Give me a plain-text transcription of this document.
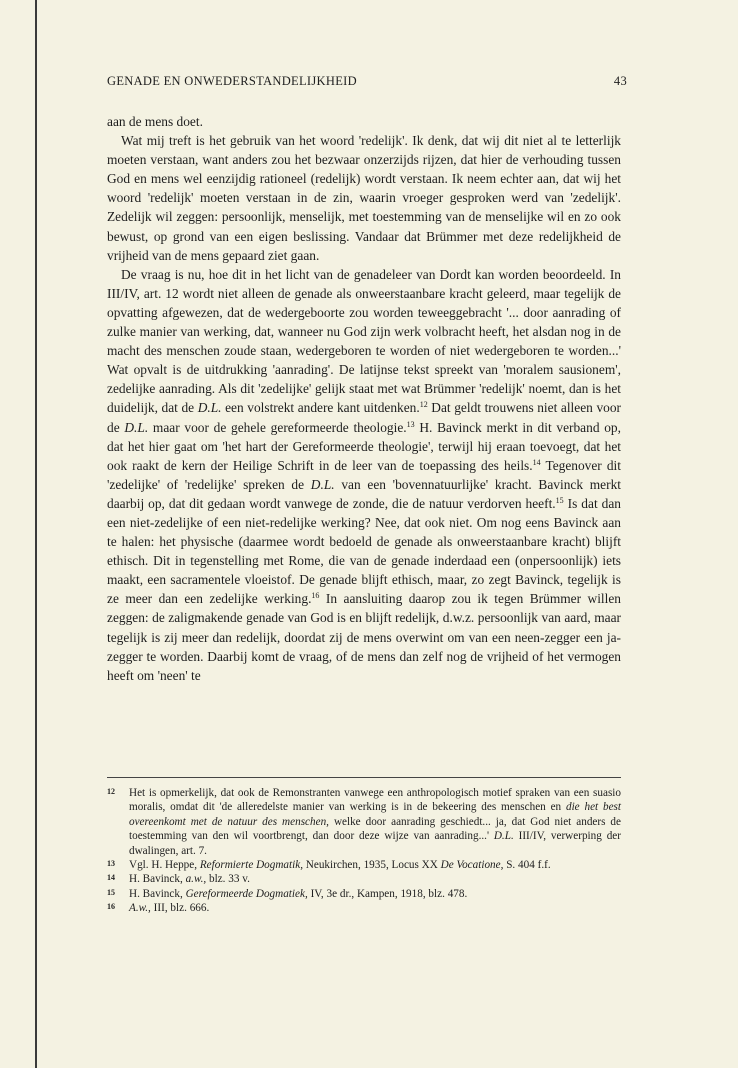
GENADE EN ONWEDERSTANDELIJKHEID	43

aan de mens doet.

Wat mij treft is het gebruik van het woord 'redelijk'. Ik denk, dat wij dit niet al te letterlijk moeten verstaan, want anders zou het bezwaar onzerzijds rijzen, dat hier de verhouding tussen God en mens wel eenzijdig rationeel (redelijk) wordt verstaan. Ik neem echter aan, dat wij het woord 'redelijk' moeten verstaan in de zin, waarin vroeger gesproken werd van 'zedelijk'. Zedelijk wil zeggen: persoonlijk, menselijk, met toestemming van de menselijke wil en zo ook bewust, op grond van een eigen beslissing. Vandaar dat Brümmer met deze redelijkheid de vrijheid van de mens gepaard ziet gaan.

De vraag is nu, hoe dit in het licht van de genadeleer van Dordt kan worden beoordeeld. In III/IV, art. 12 wordt niet alleen de genade als onweerstaanbare kracht geleerd, maar tegelijk de opvatting afgewezen, dat de wedergeboorte zou worden teweeggebracht '... door aanrading of zulke manier van werking, dat, wanneer nu God zijn werk volbracht heeft, het alsdan nog in de macht des menschen zoude staan, wedergeboren te worden of niet wedergeboren te worden...' Wat opvalt is de uitdrukking 'aanrading'. De latijnse tekst spreekt van 'moralem sausionem', zedelijke aanrading. Als dit 'zedelijke' gelijk staat met wat Brümmer 'redelijk' noemt, dan is het duidelijk, dat de D.L. een volstrekt andere kant uitdenken.$^{12}$ Dat geldt trouwens niet alleen voor de D.L. maar voor de gehele gereformeerde theologie.$^{13}$ H. Bavinck merkt in dit verband op, dat het hier gaat om 'het hart der Gereformeerde theologie', terwijl hij eraan toevoegt, dat het ook raakt de kern der Heilige Schrift in de leer van de toepassing des heils.$^{14}$ Tegenover dit 'zedelijke' of 'redelijke' spreken de D.L. van een 'bovennatuurlijke' kracht. Bavinck merkt daarbij op, dat dit gedaan wordt vanwege de zonde, die de natuur verdorven heeft.$^{15}$ Is dat dan een niet-zedelijke of een niet-redelijke werking? Nee, dat ook niet. Om nog eens Bavinck aan te halen: het physische (daarmee wordt bedoeld de genade als onweerstaanbare kracht) blijft ethisch. Dit in tegenstelling met Rome, die van de genade inderdaad een (onpersoonlijk) iets maakt, een sacramentele vloeistof. De genade blijft ethisch, maar, zo zegt Bavinck, tegelijk is ze meer dan een zedelijke werking.$^{16}$ In aansluiting daarop zou ik tegen Brümmer willen zeggen: de zaligmakende genade van God is en blijft redelijk, d.w.z. persoonlijk van aard, maar tegelijk is zij meer dan redelijk, doordat zij de mens overwint om van een neen-zegger een ja-zegger te worden. Daarbij komt de vraag, of de mens dan zelf nog de vrijheid of het vermogen heeft om 'neen' te

12 Het is opmerkelijk, dat ook de Remonstranten vanwege een anthropologisch motief spraken van een suasio moralis, omdat dit 'de alleredelste manier van werking is in de bekeering des menschen en die het best overeenkomt met de natuur des menschen, welke door aanrading geschiedt... ja, dat God niet anders de toestemming van den wil voortbrengt, dan door deze wijze van aanrading...' D.L. III/IV, verwerping der dwalingen, art. 7.
13 Vgl. H. Heppe, Reformierte Dogmatik, Neukirchen, 1935, Locus XX De Vocatione, S. 404 f.f.
14 H. Bavinck, a.w., blz. 33 v.
15 H. Bavinck, Gereformeerde Dogmatiek, IV, 3e dr., Kampen, 1918, blz. 478.
16 A.w., III, blz. 666.
